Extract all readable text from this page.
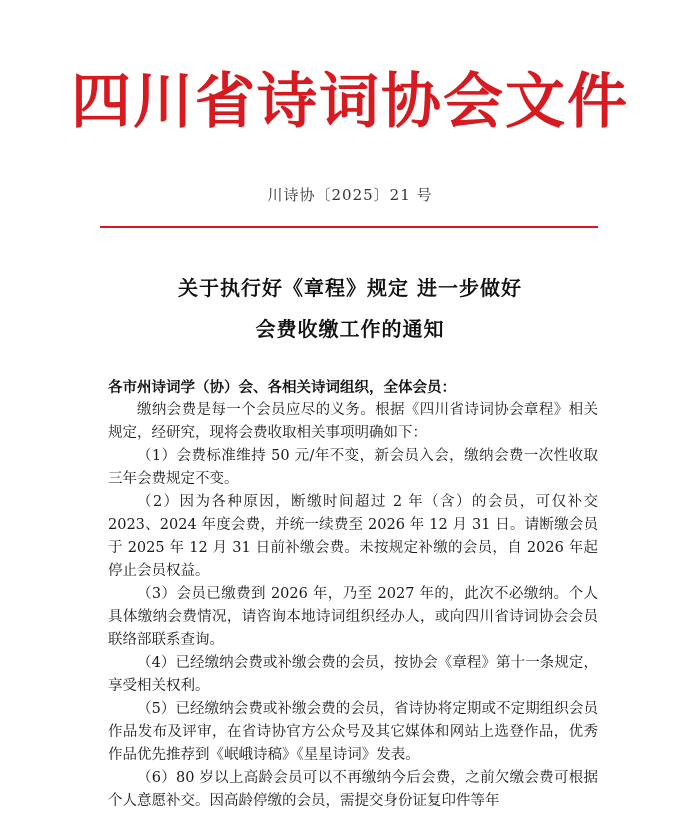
四川省诗词协会文件
川诗协〔2025〕21 号
关于执行好《章程》规定 进一步做好
会费收缴工作的通知
各市州诗词学（协）会、各相关诗词组织，全体会员：

缴纳会费是每一个会员应尽的义务。根据《四川省诗词协会章程》相关规定，经研究，现将会费收取相关事项明确如下：

（1）会费标准维持 50 元/年不变，新会员入会，缴纳会费一次性收取三年会费规定不变。

（2）因为各种原因，断缴时间超过 2 年（含）的会员，可仅补交 2023、2024 年度会费，并统一续费至 2026 年 12 月 31 日。请断缴会员于 2025 年 12 月 31 日前补缴会费。未按规定补缴的会员，自 2026 年起停止会员权益。

（3）会员已缴费到 2026 年，乃至 2027 年的，此次不必缴纳。个人具体缴纳会费情况，请咨询本地诗词组织经办人，或向四川省诗词协会会员联络部联系查询。

（4）已经缴纳会费或补缴会费的会员，按协会《章程》第十一条规定，享受相关权利。

（5）已经缴纳会费或补缴会费的会员，省诗协将定期或不定期组织会员作品发布及评审，在省诗协官方公众号及其它媒体和网站上选登作品，优秀作品优先推荐到《岷峨诗稿》《星星诗词》发表。

（6）80 岁以上高龄会员可以不再缴纳今后会费，之前欠缴会费可根据个人意愿补交。因高龄停缴的会员，需提交身份证复印件等年
